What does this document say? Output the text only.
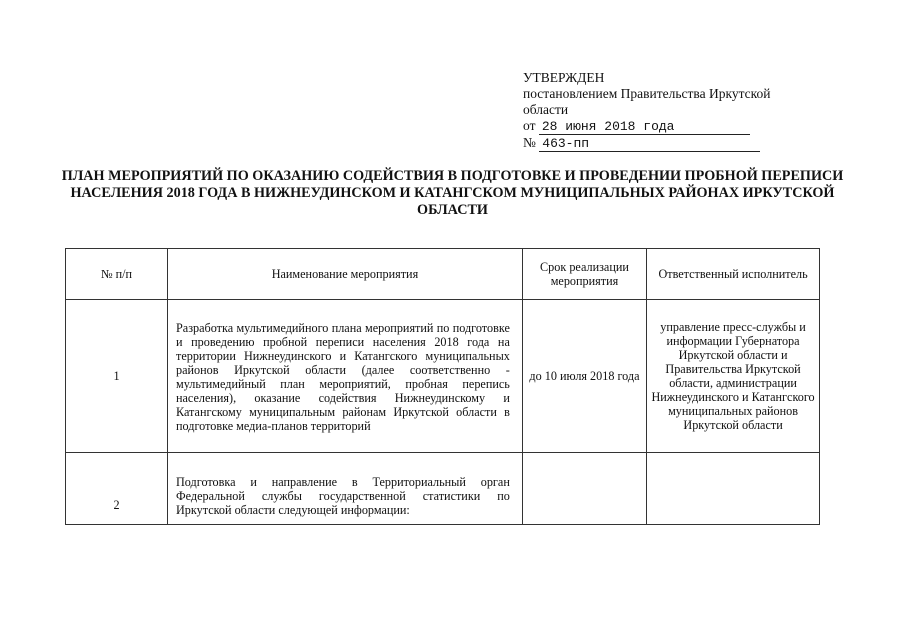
УТВЕРЖДЕН
постановлением Правительства Иркутской
области
от 28 июня 2018 года
№ 463-пп
ПЛАН МЕРОПРИЯТИЙ ПО ОКАЗАНИЮ СОДЕЙСТВИЯ В ПОДГОТОВКЕ И ПРОВЕДЕНИИ ПРОБНОЙ ПЕРЕПИСИ НАСЕЛЕНИЯ 2018 ГОДА В НИЖНЕУДИНСКОМ И КАТАНГСКОМ МУНИЦИПАЛЬНЫХ РАЙОНАХ ИРКУТСКОЙ ОБЛАСТИ
№ п/п	Наименование мероприятия	Срок реализации мероприятия	Ответственный исполнитель
1	Разработка мультимедийного плана мероприятий по подготовке и проведению пробной переписи населения 2018 года на территории Нижнеудинского и Катангского муниципальных районов Иркутской области (далее соответственно - мультимедийный план мероприятий, пробная перепись населения), оказание содействия Нижнеудинскому и Катангскому муниципальным районам Иркутской области в подготовке медиа-планов территорий	до 10 июля 2018 года	управление пресс-службы и информации Губернатора Иркутской области и Правительства Иркутской области, администрации Нижнеудинского и Катангского муниципальных районов Иркутской области

2	Подготовка и направление в Территориальный орган Федеральной службы государственной статистики по Иркутской области следующей информации:		
